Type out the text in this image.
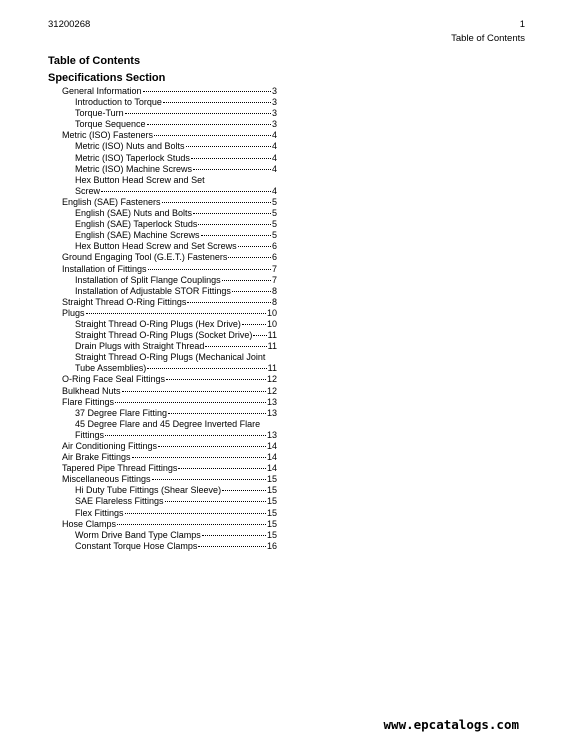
31200268	1
Table of Contents
Table of Contents
Specifications Section
General Information	3
Introduction to Torque	3
Torque-Turn	3
Torque Sequence	3
Metric (ISO) Fasteners	4
Metric (ISO) Nuts and Bolts	4
Metric (ISO) Taperlock Studs	4
Metric (ISO) Machine Screws	4
Hex Button Head Screw and Set
Screw	4
English (SAE) Fasteners	5
English (SAE) Nuts and Bolts	5
English (SAE) Taperlock Studs	5
English (SAE) Machine Screws	5
Hex Button Head Screw and Set Screws	6
Ground Engaging Tool (G.E.T.) Fasteners	6
Installation of Fittings	7
Installation of Split Flange Couplings	7
Installation of Adjustable STOR Fittings	8
Straight Thread O-Ring Fittings	8
Plugs	10
Straight Thread O-Ring Plugs (Hex Drive)	10
Straight Thread O-Ring Plugs (Socket Drive) 11
Drain Plugs with Straight Thread	11
Straight Thread O-Ring Plugs (Mechanical Joint
Tube Assemblies)	11
O-Ring Face Seal Fittings	12
Bulkhead Nuts	12
Flare Fittings	13
37 Degree Flare Fitting	13
45 Degree Flare and 45 Degree Inverted Flare
Fittings	13
Air Conditioning Fittings	14
Air Brake Fittings	14
Tapered Pipe Thread Fittings	14
Miscellaneous Fittings	15
Hi Duty Tube Fittings (Shear Sleeve)	15
SAE Flareless Fittings	15
Flex Fittings	15
Hose Clamps	15
Worm Drive Band Type Clamps	15
Constant Torque Hose Clamps	16
www.epcatalogs.com
